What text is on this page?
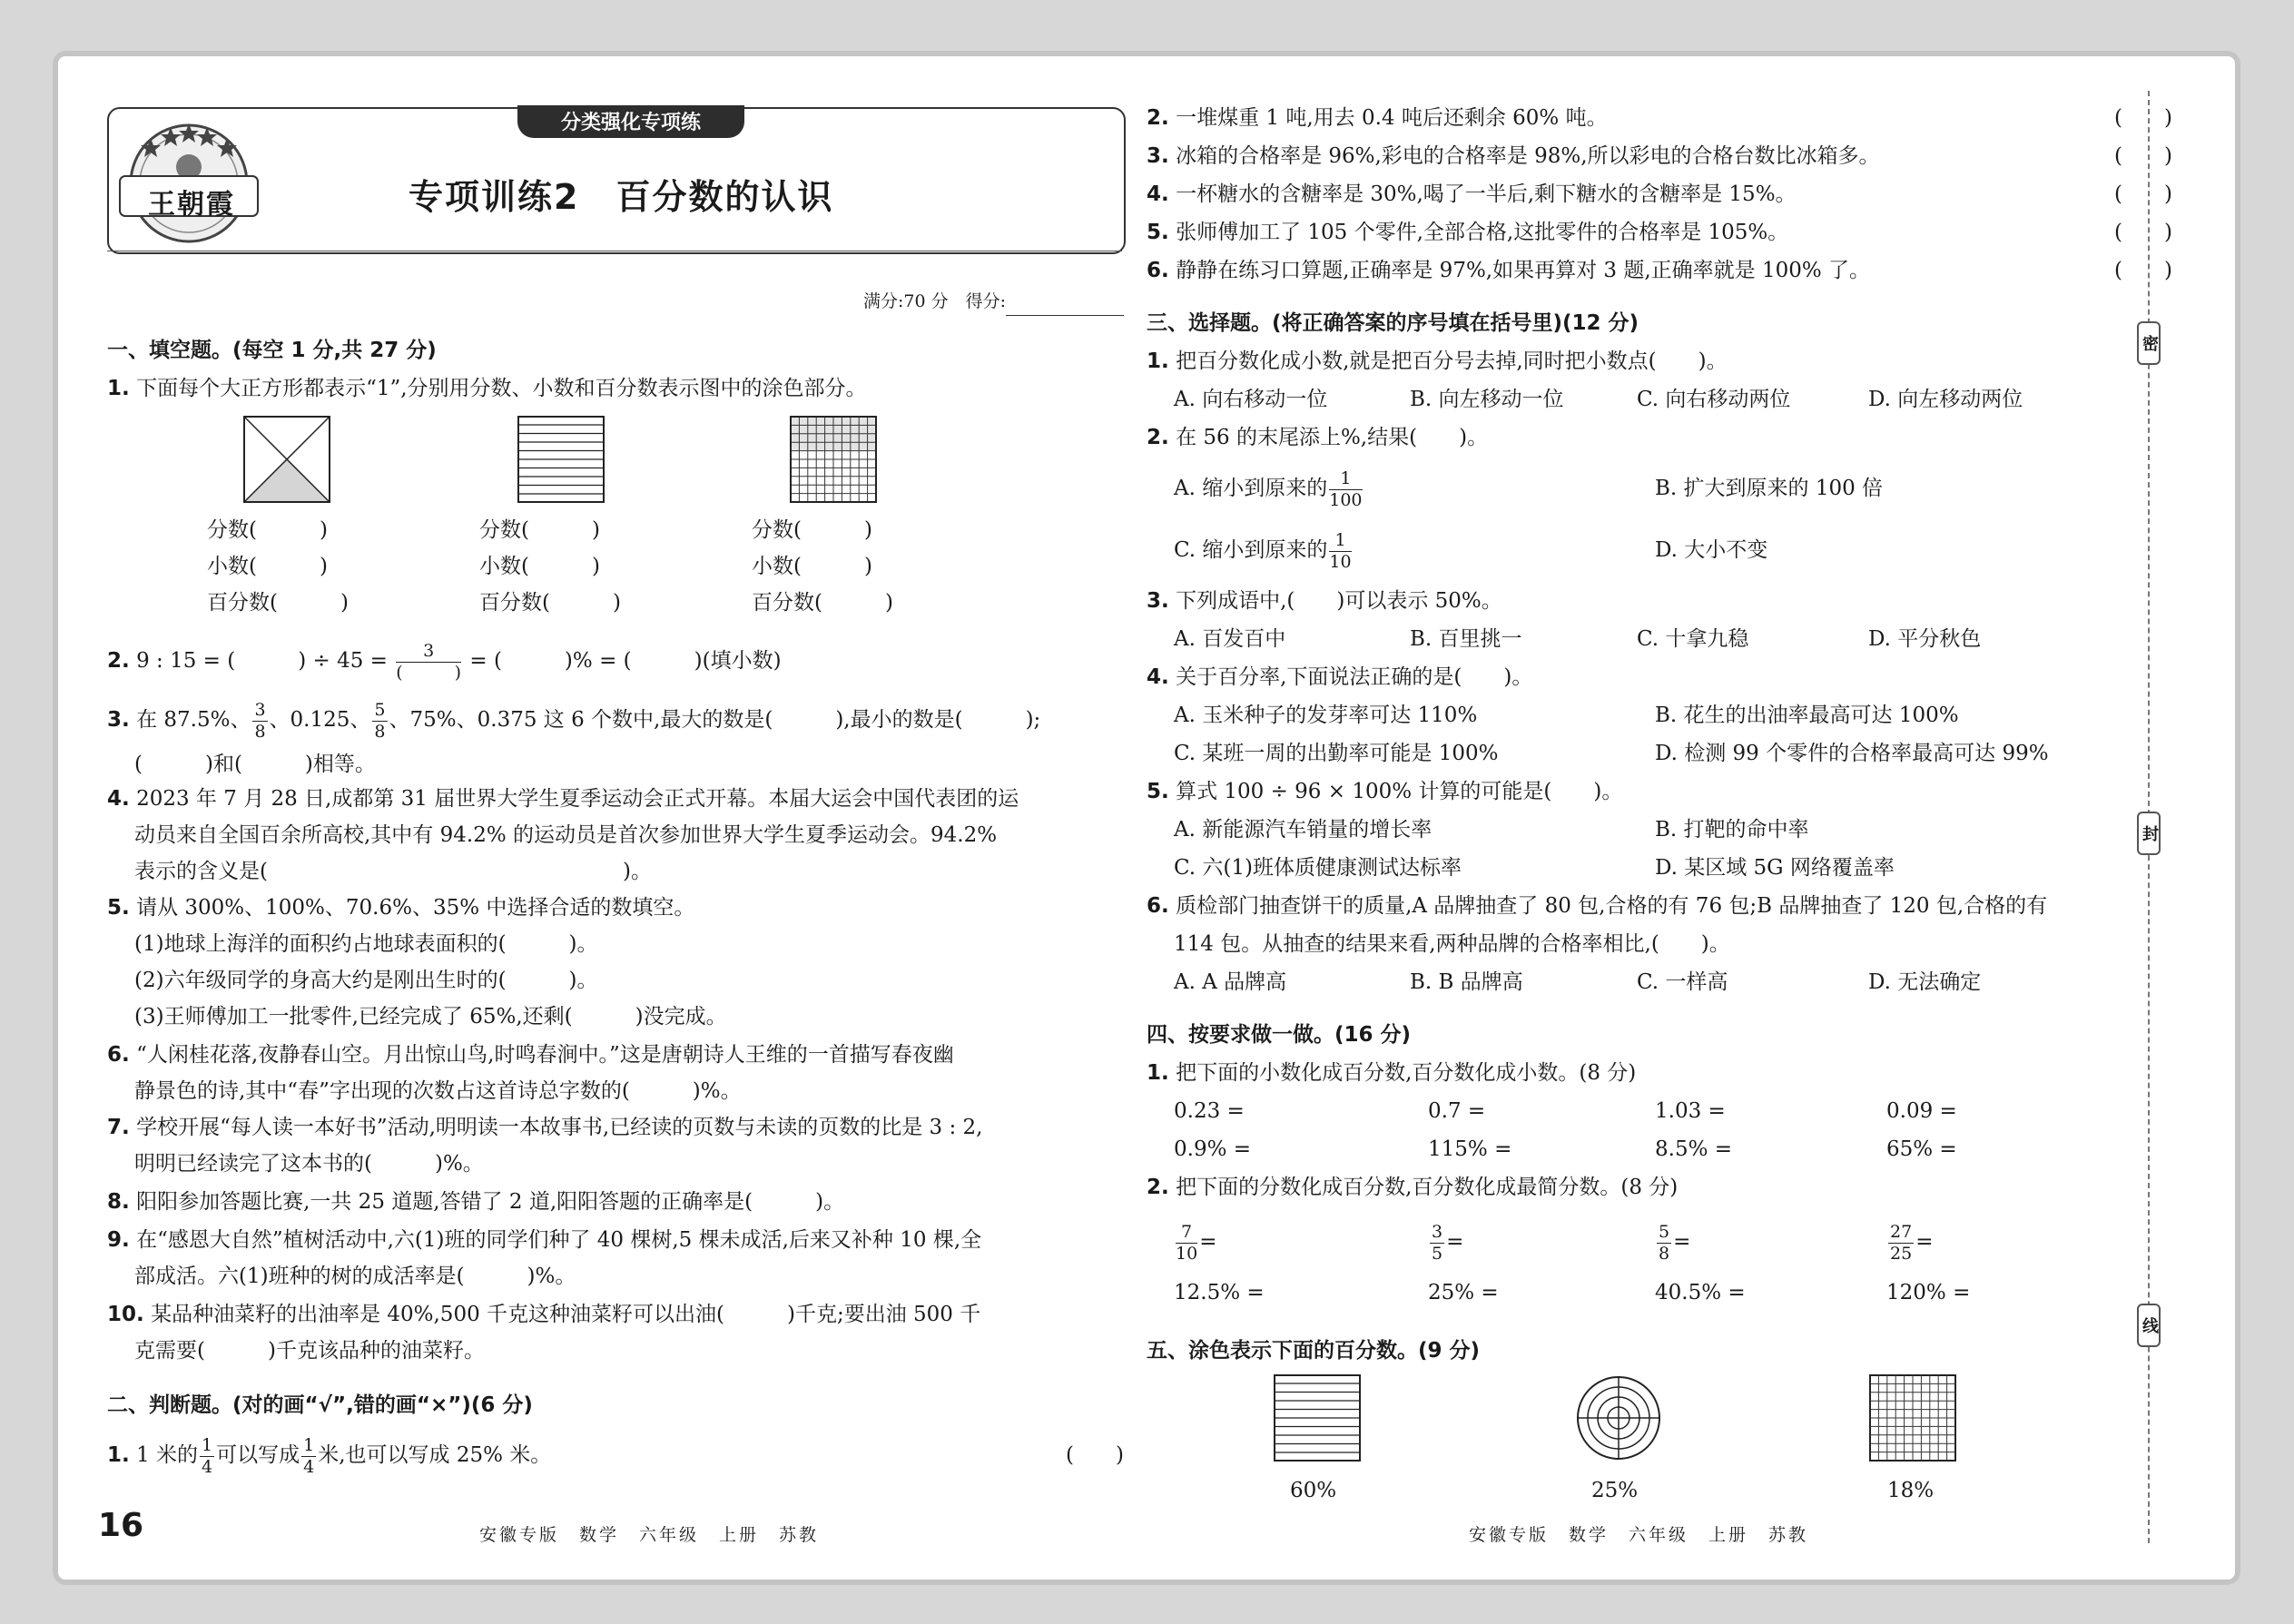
分类强化专项练
专项训练2　百分数的认识
王朝霞
满分:70 分　得分:
一、填空题。(每空 1 分,共 27 分)
1. 下面每个大正方形都表示“1”,分别用分数、小数和百分数表示图中的涂色部分。
分数(　　　)
小数(　　　)
百分数(　　　)
分数(　　　)
小数(　　　)
百分数(　　　)
分数(　　　)
小数(　　　)
百分数(　　　)
2. 9 : 15 = (　　　) ÷ 45 =	3
(　　　) = (　　　)% = (　　　)(填小数)
3. 在 87.5%、 $\frac{3}{8}$ 、0.125、 $\frac{5}{8}$ 、75%、0.375 这 6 个数中,最大的数是(　　　),最小的数是(　　　);
(　　　)和(　　　)相等。
4. 2023 年 7 月 28 日,成都第 31 届世界大学生夏季运动会正式开幕。本届大运会中国代表团的运
动员来自全国百余所高校,其中有 94.2% 的运动员是首次参加世界大学生夏季运动会。94.2%
表示的含义是(　　　　　　　　　　　　　　　　　)。
5. 请从 300%、100%、70.6%、35% 中选择合适的数填空。
(1)地球上海洋的面积约占地球表面积的(　　　)。
(2)六年级同学的身高大约是刚出生时的(　　　)。
(3)王师傅加工一批零件,已经完成了 65%,还剩(　　　)没完成。
6. “人闲桂花落,夜静春山空。月出惊山鸟,时鸣春涧中。”这是唐朝诗人王维的一首描写春夜幽
静景色的诗,其中“春”字出现的次数占这首诗总字数的(　　　)%。
7. 学校开展“每人读一本好书”活动,明明读一本故事书,已经读的页数与未读的页数的比是 3 : 2,
明明已经读完了这本书的(　　　)%。
8. 阳阳参加答题比赛,一共 25 道题,答错了 2 道,阳阳答题的正确率是(　　　)。
9. 在“感恩大自然”植树活动中,六(1)班的同学们种了 40 棵树,5 棵未成活,后来又补种 10 棵,全
部成活。六(1)班种的树的成活率是(　　　)%。
10. 某品种油菜籽的出油率是 40%,500 千克这种油菜籽可以出油(　　　)千克;要出油 500 千
克需要(　　　)千克该品种的油菜籽。
二、判断题。(对的画“√”,错的画“×”)(6 分)
1. 1 米的 $\frac{1}{4}$ 可以写成 $\frac{1}{4}$ 米,也可以写成 25% 米。	(　　)
16	安徽专版　数学　六年级　上册　苏教
2. 一堆煤重 1 吨,用去 0.4 吨后还剩余 60% 吨。	(　　)
3. 冰箱的合格率是 96%,彩电的合格率是 98%,所以彩电的合格台数比冰箱多。	(　　)
4. 一杯糖水的含糖率是 30%,喝了一半后,剩下糖水的含糖率是 15%。	(　　)
5. 张师傅加工了 105 个零件,全部合格,这批零件的合格率是 105%。	(　　)
6. 静静在练习口算题,正确率是 97%,如果再算对 3 题,正确率就是 100% 了。	(　　)
三、选择题。(将正确答案的序号填在括号里)(12 分)
1. 把百分数化成小数,就是把百分号去掉,同时把小数点(　　)。
A. 向右移动一位	B. 向左移动一位	C. 向右移动两位	D. 向左移动两位
2. 在 56 的末尾添上%,结果(　　)。
A. 缩小到原来的 $\frac{1}{100}$	B. 扩大到原来的 100 倍
C. 缩小到原来的 $\frac{1}{10}$	D. 大小不变
3. 下列成语中,(　　)可以表示 50%。
A. 百发百中	B. 百里挑一	C. 十拿九稳	D. 平分秋色
4. 关于百分率,下面说法正确的是(　　)。
A. 玉米种子的发芽率可达 110%	B. 花生的出油率最高可达 100%
C. 某班一周的出勤率可能是 100%	D. 检测 99 个零件的合格率最高可达 99%
5. 算式 100 ÷ 96 × 100% 计算的可能是(　　)。
A. 新能源汽车销量的增长率	B. 打靶的命中率
C. 六(1)班体质健康测试达标率	D. 某区域 5G 网络覆盖率
6. 质检部门抽查饼干的质量,A 品牌抽查了 80 包,合格的有 76 包;B 品牌抽查了 120 包,合格的有
114 包。从抽查的结果来看,两种品牌的合格率相比,(　　)。
A. A 品牌高	B. B 品牌高	C. 一样高	D. 无法确定
四、按要求做一做。(16 分)
1. 把下面的小数化成百分数,百分数化成小数。(8 分)
0.23 =	0.7 =	1.03 =	0.09 =
0.9% =	115% =	8.5% =	65% =
2. 把下面的分数化成百分数,百分数化成最简分数。(8 分)
$\frac{7}{10}$ =	$\frac{3}{5}$ =	$\frac{5}{8}$ =	$\frac{27}{25}$ =
12.5% =	25% =	40.5% =	120% =
五、涂色表示下面的百分数。(9 分)
60%	25%	18%
安徽专版　数学　六年级　上册　苏教
密
封
线
